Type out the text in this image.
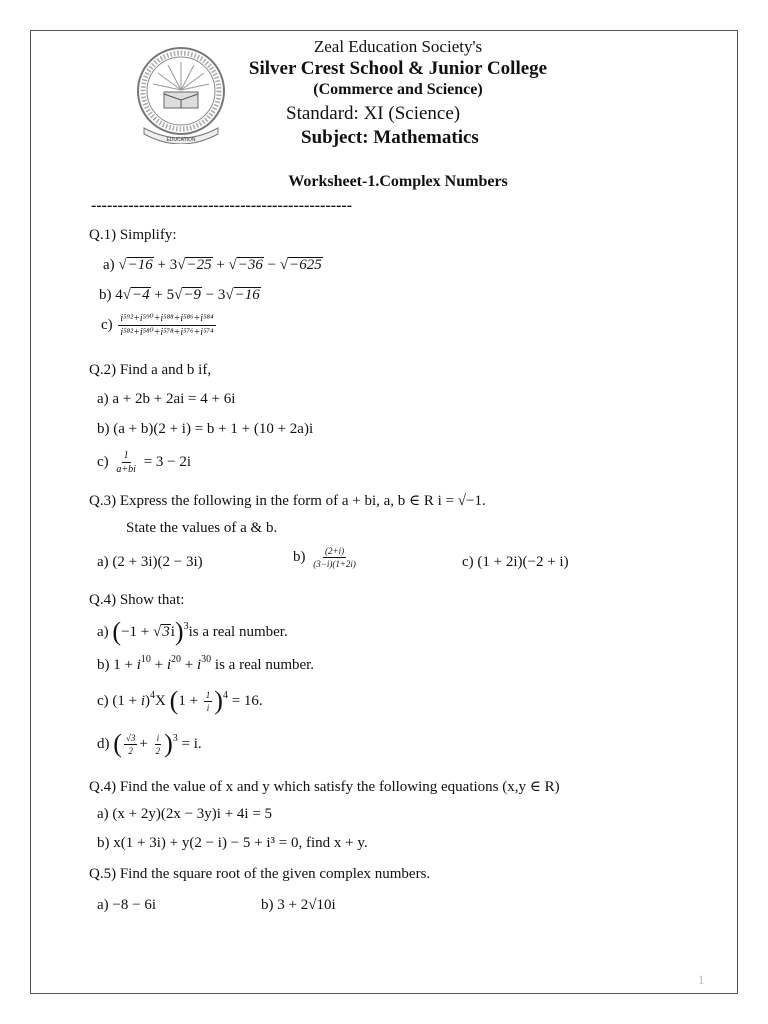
EDUCATION
Zeal Education Society's
Silver Crest School & Junior College
(Commerce and Science)
Standard: XI (Science)
Subject: Mathematics
Worksheet-1.Complex Numbers
-------------------------------------------------
Q.1) Simplify:
a) √−16 + 3√−25 + √−36 − √−625
b) 4√−4 + 5√−9 − 3√−16
$c) \frac{\text{i⁵⁹²+i⁵⁹⁰+i⁵⁸⁸+i⁵⁸⁶+i⁵⁸⁴}}{\text{i⁵⁸²+i⁵⁸⁰+i⁵⁷⁸+i⁵⁷⁶+i⁵⁷⁴}}$
Q.2) Find a and b if,
a) a + 2b + 2ai = 4 + 6i
b) (a + b)(2 + i) = b + 1 + (10 + 2a)i
$c) \frac{1}{a+bi} = 3 - 2i$
Q.3) Express the following in the form of a + bi, a, b ∈ R i = √−1.
State the values of a & b.
a) (2 + 3i)(2 − 3i)	$b) \frac{(2+i)}{(3-i)(1+2i)}$	c) (1 + 2i)(−2 + i)
Q.4) Show that:
a) $(-1 + √3i)^3is$ a real number.
b) $1 + i^{10} + i^{20} + i^{30}$ is a real number.
c) $(1 + i)^4X$ $(1 + \frac{1}{i} )^4 = 16$.
d) ( $\frac{√3}{2} + \frac{i}{2} )^3 = i$.
Q.4) Find the value of x and y which satisfy the following equations (x,y ∈ R)
a) (x + 2y)(2x − 3y)i + 4i = 5
b) x(1 + 3i) + y(2 − i) − 5 + i³ = 0, find x + y.
Q.5) Find the square root of the given complex numbers.
a) −8 − 6i	b) 3 + 2√10i
1
